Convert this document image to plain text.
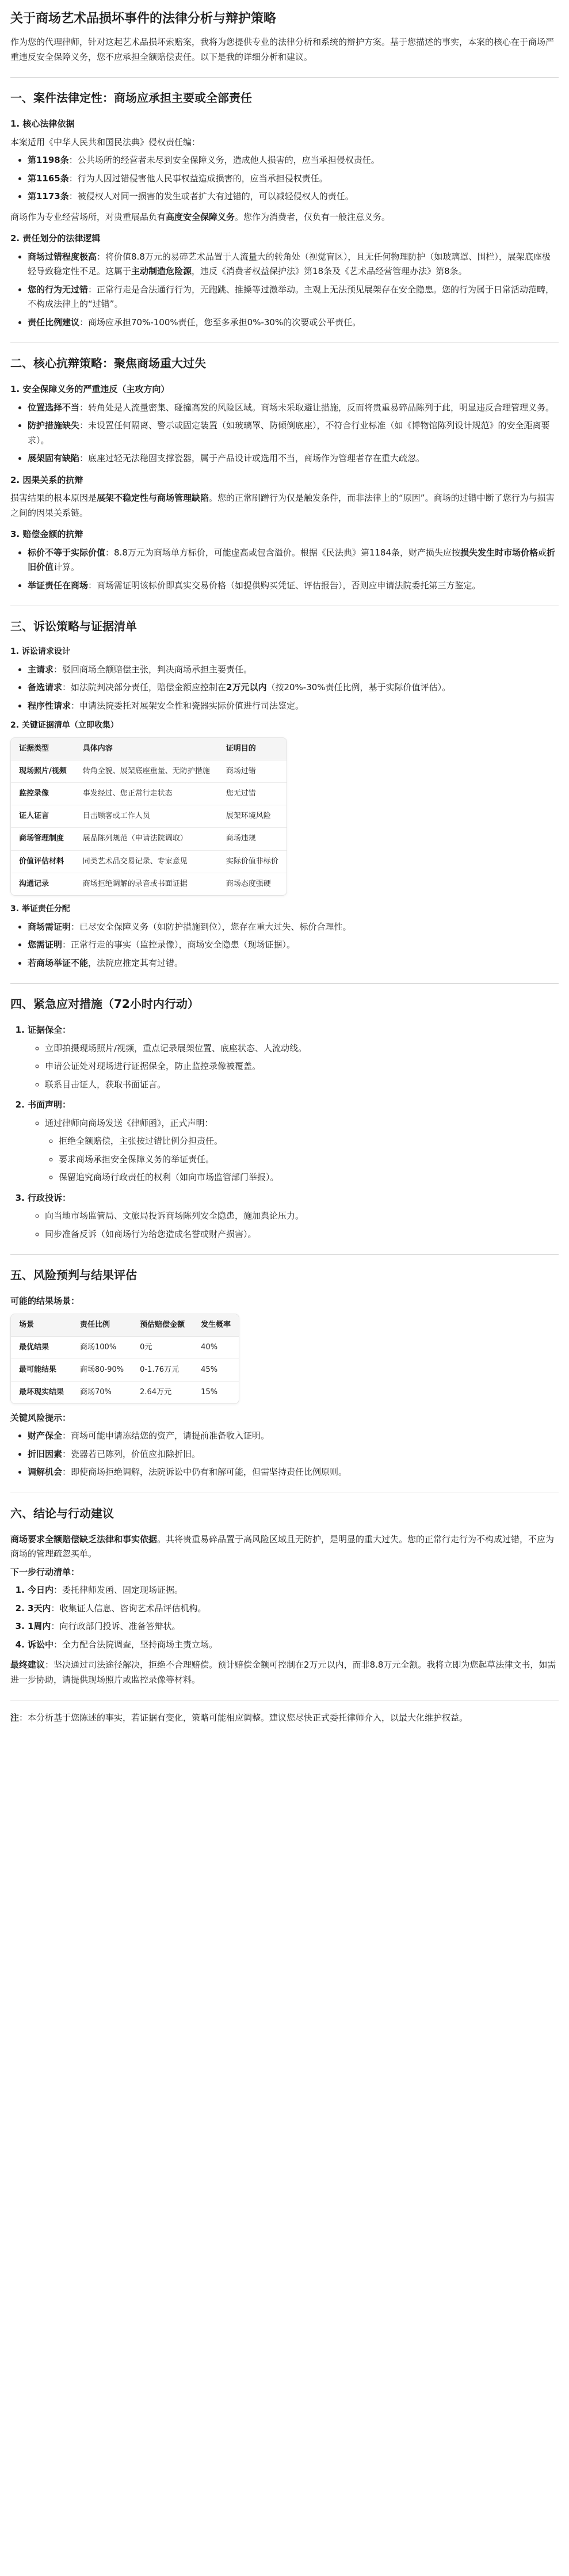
关于商场艺术品损坏事件的法律分析与辩护策略

作为您的代理律师，针对这起艺术品损坏索赔案，我将为您提供专业的法律分析和系统的辩护方案。基于您描述的事实，本案的核心在于商场严重违反安全保障义务，您不应承担全额赔偿责任。以下是我的详细分析和建议。

一、案件法律定性：商场应承担主要或全部责任
1. 核心法律依据

本案适用《中华人民共和国民法典》侵权责任编：

• 第1198条：公共场所的经营者未尽到安全保障义务，造成他人损害的，应当承担侵权责任。
• 第1165条：行为人因过错侵害他人民事权益造成损害的，应当承担侵权责任。
• 第1173条：被侵权人对同一损害的发生或者扩大有过错的，可以减轻侵权人的责任。

商场作为专业经营场所，对贵重展品负有高度安全保障义务。您作为消费者，仅负有一般注意义务。

2. 责任划分的法律逻辑
• 商场过错程度极高：将价值8.8万元的易碎艺术品置于人流量大的转角处（视觉盲区），且无任何物理防护（如玻璃罩、围栏），展架底座极轻导致稳定性不足。这属于主动制造危险源，违反《消费者权益保护法》第18条及《艺术品经营管理办法》第8条。
• 您的行为无过错：正常行走是合法通行行为，无跑跳、推搡等过激举动。主观上无法预见展架存在安全隐患。您的行为属于日常活动范畴，不构成法律上的“过错”。
• 责任比例建议：商场应承担70%-100%责任，您至多承担0%-30%的次要或公平责任。
二、核心抗辩策略：聚焦商场重大过失
1. 安全保障义务的严重违反（主攻方向）
• 位置选择不当：转角处是人流量密集、碰撞高发的风险区域。商场未采取避让措施，反而将贵重易碎品陈列于此，明显违反合理管理义务。
• 防护措施缺失：未设置任何隔离、警示或固定装置（如玻璃罩、防倾倒底座），不符合行业标准（如《博物馆陈列设计规范》的安全距离要求）。
• 展架固有缺陷：底座过轻无法稳固支撑瓷器，属于产品设计或选用不当，商场作为管理者存在重大疏忽。
2. 因果关系的抗辩

损害结果的根本原因是展架不稳定性与商场管理缺陷。您的正常刷蹭行为仅是触发条件，而非法律上的“原因”。商场的过错中断了您行为与损害之间的因果关系链。

3. 赔偿金额的抗辩
• 标价不等于实际价值：8.8万元为商场单方标价，可能虚高或包含溢价。根据《民法典》第1184条，财产损失应按损失发生时市场价格或折旧价值计算。
• 举证责任在商场：商场需证明该标价即真实交易价格（如提供购买凭证、评估报告），否则应申请法院委托第三方鉴定。
三、诉讼策略与证据清单
1. 诉讼请求设计
• 主请求：驳回商场全额赔偿主张，判决商场承担主要责任。
• 备选请求：如法院判决部分责任，赔偿金额应控制在2万元以内（按20%-30%责任比例，基于实际价值评估）。
• 程序性请求：申请法院委托对展架安全性和瓷器实际价值进行司法鉴定。
2. 关键证据清单（立即收集）
证据类型	具体内容	证明目的
现场照片/视频	转角全貌、展架底座重量、无防护措施	商场过错
监控录像	事发经过、您正常行走状态	您无过错
证人证言	目击顾客或工作人员	展架环境风险
商场管理制度	展品陈列规范（申请法院调取）	商场违规
价值评估材料	同类艺术品交易记录、专家意见	实际价值非标价
沟通记录	商场拒绝调解的录音或书面证据	商场态度强硬
3. 举证责任分配
• 商场需证明：已尽安全保障义务（如防护措施到位），您存在重大过失、标价合理性。
• 您需证明：正常行走的事实（监控录像），商场安全隐患（现场证据）。
• 若商场举证不能，法院应推定其有过错。
四、紧急应对措施（72小时内行动）
1. 证据保全：
◦ 立即拍摄现场照片/视频，重点记录展架位置、底座状态、人流动线。
◦ 申请公证处对现场进行证据保全，防止监控录像被覆盖。
◦ 联系目击证人，获取书面证言。
2. 书面声明：
◦ 通过律师向商场发送《律师函》，正式声明：
◦ 拒绝全额赔偿，主张按过错比例分担责任。
◦ 要求商场承担安全保障义务的举证责任。
◦ 保留追究商场行政责任的权利（如向市场监管部门举报）。
3. 行政投诉：
◦ 向当地市场监管局、文旅局投诉商场陈列安全隐患，施加舆论压力。
◦ 同步准备反诉（如商场行为给您造成名誉或财产损害）。
五、风险预判与结果评估

可能的结果场景：

场景	责任比例	预估赔偿金额	发生概率
最优结果	商场100%	0元	40%
最可能结果	商场80-90%	0-1.76万元	45%
最坏现实结果	商场70%	2.64万元	15%

关键风险提示：

• 财产保全：商场可能申请冻结您的资产，请提前准备收入证明。
• 折旧因素：瓷器若已陈列，价值应扣除折旧。
• 调解机会：即使商场拒绝调解，法院诉讼中仍有和解可能，但需坚持责任比例原则。
六、结论与行动建议

商场要求全额赔偿缺乏法律和事实依据。其将贵重易碎品置于高风险区域且无防护，是明显的重大过失。您的正常行走行为不构成过错，不应为商场的管理疏忽买单。

下一步行动清单：

1. 今日内：委托律师发函、固定现场证据。
2. 3天内：收集证人信息、咨询艺术品评估机构。
3. 1周内：向行政部门投诉、准备答辩状。
4. 诉讼中：全力配合法院调查，坚持商场主责立场。

最终建议：坚决通过司法途径解决，拒绝不合理赔偿。预计赔偿金额可控制在2万元以内，而非8.8万元全额。我将立即为您起草法律文书，如需进一步协助，请提供现场照片或监控录像等材料。

注：本分析基于您陈述的事实，若证据有变化，策略可能相应调整。建议您尽快正式委托律师介入，以最大化维护权益。
